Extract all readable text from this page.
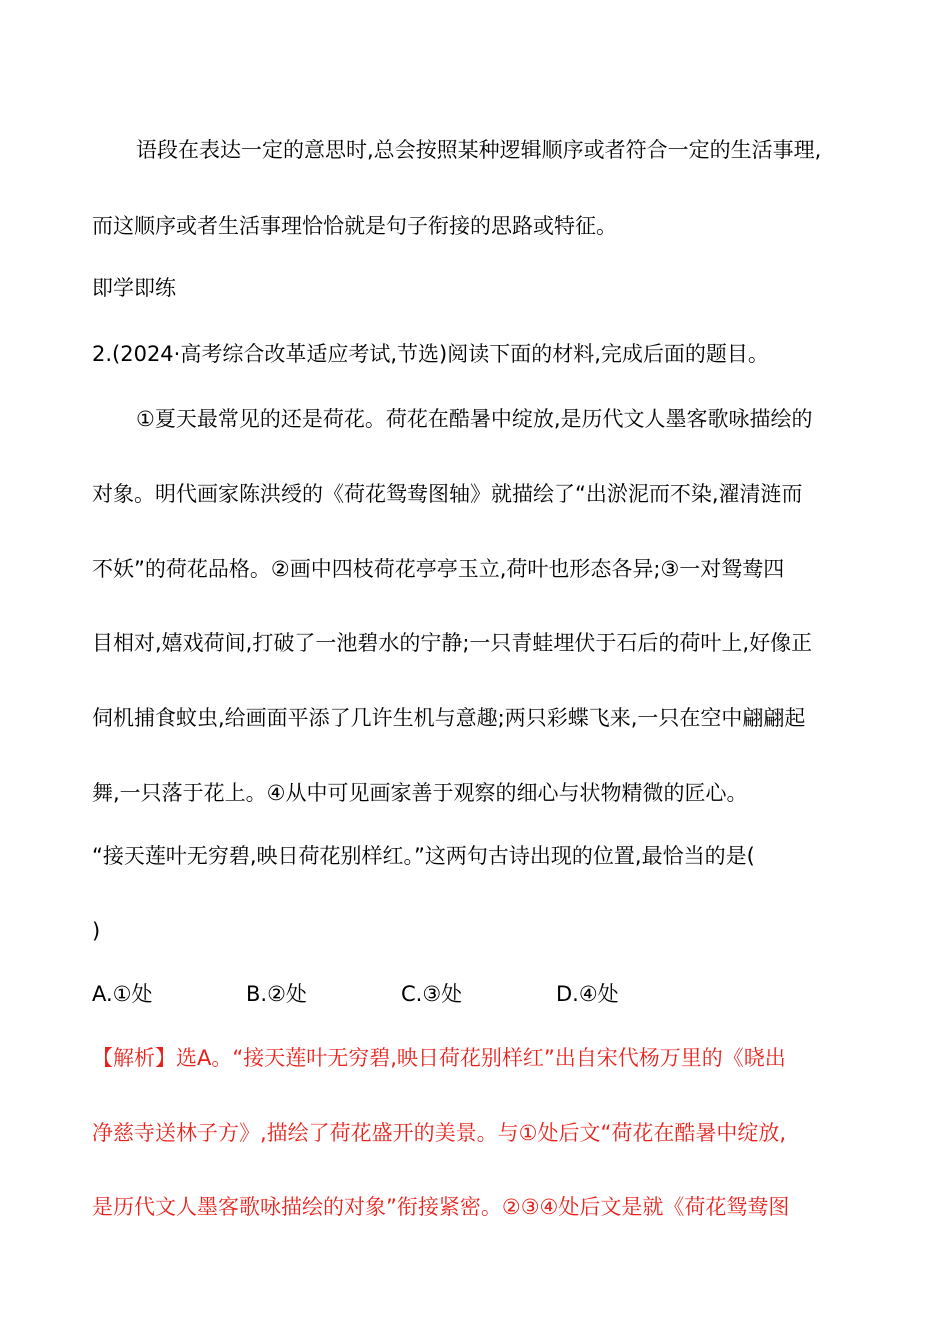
语段在表达一定的意思时,总会按照某种逻辑顺序或者符合一定的生活事理,
而这顺序或者生活事理恰恰就是句子衔接的思路或特征。
即学即练
2.(2024·高考综合改革适应考试,节选)阅读下面的材料,完成后面的题目。
①夏天最常见的还是荷花。荷花在酷暑中绽放,是历代文人墨客歌咏描绘的
对象。明代画家陈洪绶的《荷花鸳鸯图轴》就描绘了“出淤泥而不染,濯清涟而
不妖”的荷花品格。②画中四枝荷花亭亭玉立,荷叶也形态各异;③一对鸳鸯四
目相对,嬉戏荷间,打破了一池碧水的宁静;一只青蛙埋伏于石后的荷叶上,好像正
伺机捕食蚊虫,给画面平添了几许生机与意趣;两只彩蝶飞来,一只在空中翩翩起
舞,一只落于花上。④从中可见画家善于观察的细心与状物精微的匠心。
“接天莲叶无穷碧,映日荷花别样红。”这两句古诗出现的位置,最恰当的是(
)
A.①处	B.②处	C.③处	D.④处
【解析】选A。“接天莲叶无穷碧,映日荷花别样红”出自宋代杨万里的《晓出
净慈寺送林子方》,描绘了荷花盛开的美景。与①处后文“荷花在酷暑中绽放,
是历代文人墨客歌咏描绘的对象”衔接紧密。②③④处后文是就《荷花鸳鸯图
